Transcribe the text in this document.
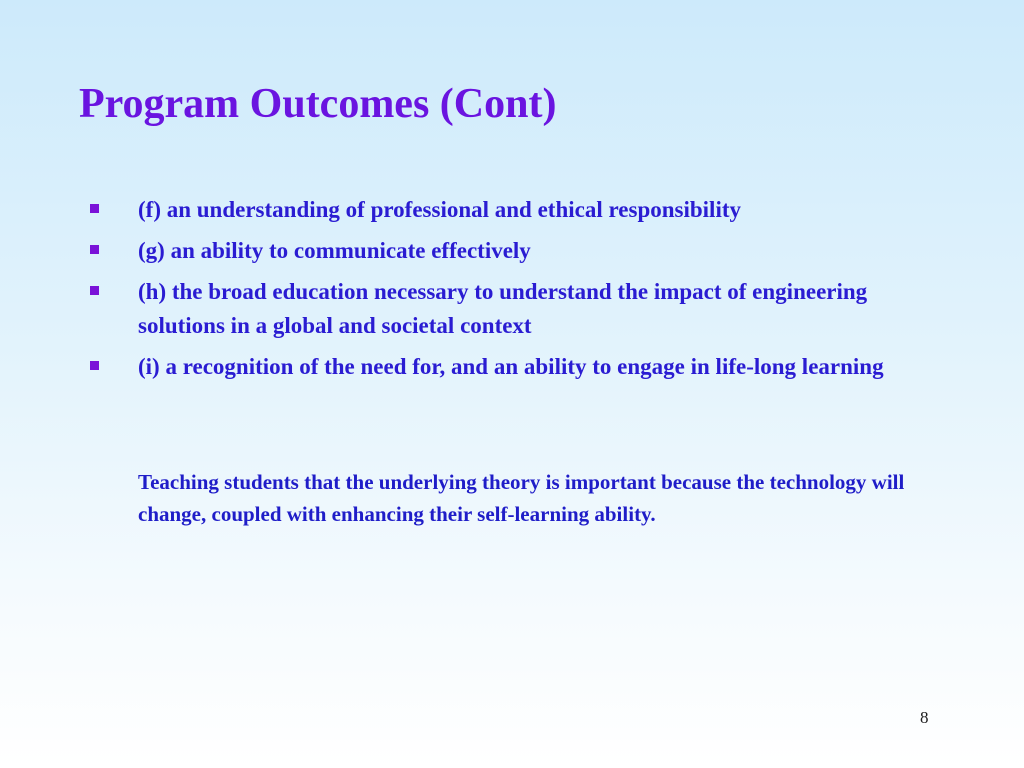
Program Outcomes (Cont)
(f) an understanding of professional and ethical responsibility
(g) an ability to communicate effectively
(h) the broad education necessary to understand the impact of engineering solutions in a global and societal context
(i) a recognition of the need for, and an ability to engage in life-long learning

Teaching students that the underlying theory is important because the technology will change, coupled with enhancing their self-learning ability.

8
